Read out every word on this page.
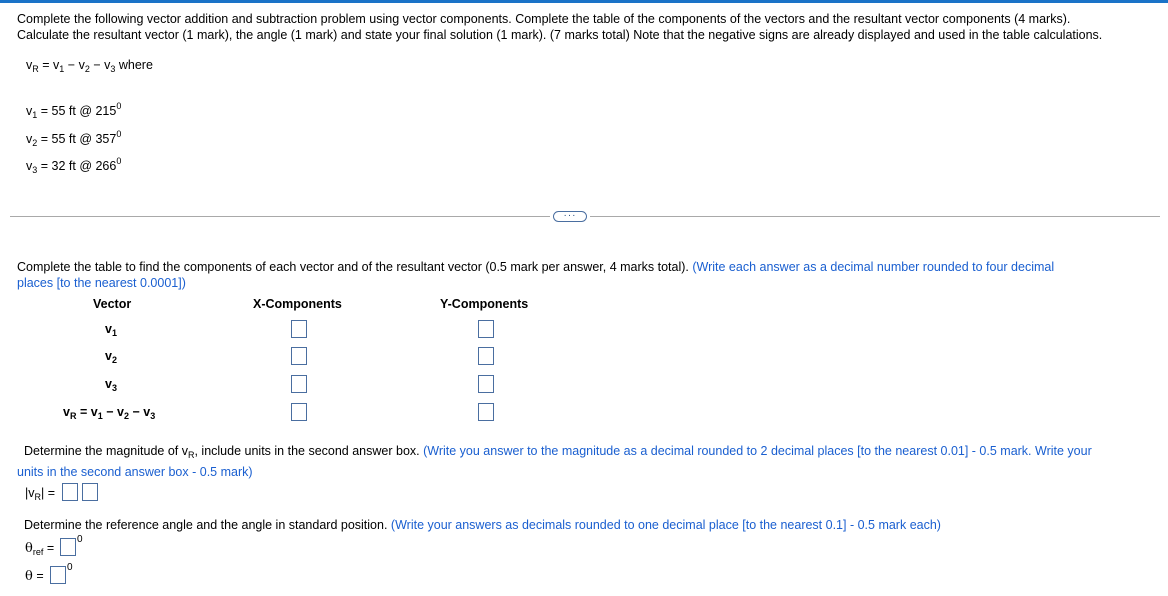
Complete the following vector addition and subtraction problem using vector components. Complete the table of the components of the vectors and the resultant vector components (4 marks).
Calculate the resultant vector (1 mark), the angle (1 mark) and state your final solution (1 mark). (7 marks total) Note that the negative signs are already displayed and used in the table calculations.
$v_R = v_1 - v_2 - v_3$ where
$v_1 = 55$ ft @ $215^0$
$v_2 = 55$ ft @ $357^0$
$v_3 = 32$ ft @ $266^0$
···
Complete the table to find the components of each vector and of the resultant vector (0.5 mark per answer, 4 marks total). (Write each answer as a decimal number rounded to four decimal
places [to the nearest 0.0001])
Vector	X-Components	Y-Components
$v_1$
$v_2$
$v_3$
$v_R = v_1 - v_2 - v_3$
Determine the magnitude of $v_R$, include units in the second answer box. (Write you answer to the magnitude as a decimal rounded to 2 decimal places [to the nearest 0.01] - 0.5 mark. Write your
units in the second answer box - 0.5 mark)
$|v_R|$ =
Determine the reference angle and the angle in standard position. (Write your answers as decimals rounded to one decimal place [to the nearest 0.1] - 0.5 mark each)
$\theta_{ref}$ =
0
θ =
0
